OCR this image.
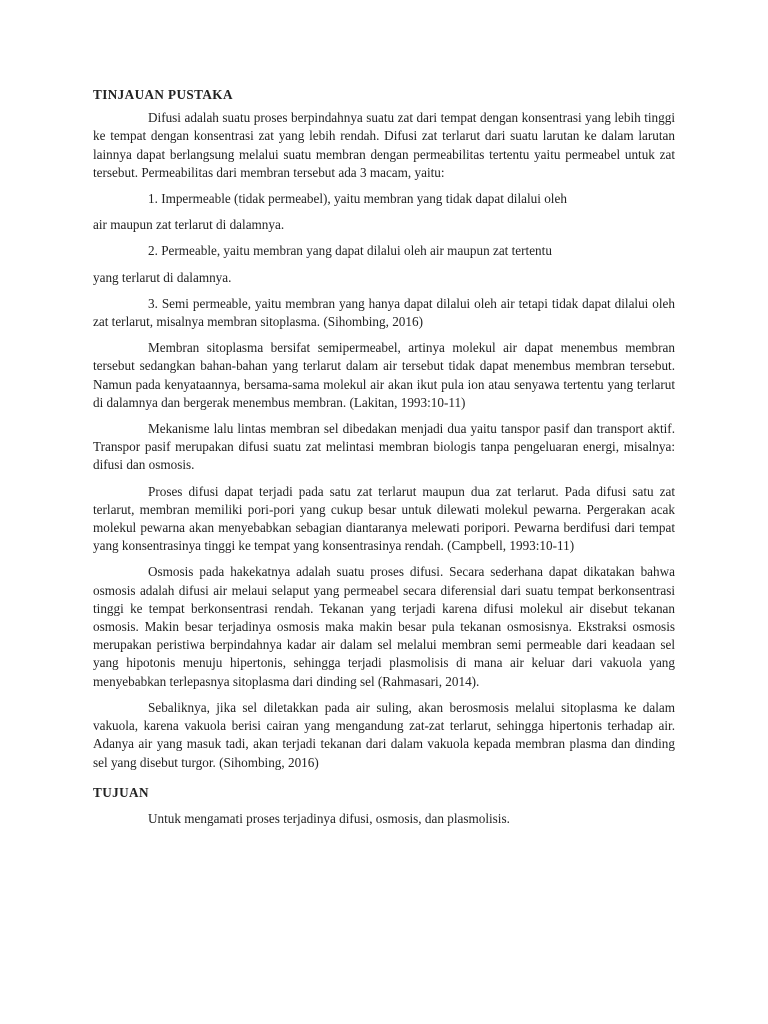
TINJAUAN PUSTAKA

Difusi adalah suatu proses berpindahnya suatu zat dari tempat dengan konsentrasi yang lebih tinggi ke tempat dengan konsentrasi zat yang lebih rendah. Difusi zat terlarut dari suatu larutan ke dalam larutan lainnya dapat berlangsung melalui suatu membran dengan permeabilitas tertentu yaitu permeabel untuk zat tersebut. Permeabilitas dari membran tersebut ada 3 macam, yaitu:

1. Impermeable (tidak permeabel), yaitu membran yang tidak dapat dilalui oleh

air maupun zat terlarut di dalamnya.

2. Permeable, yaitu membran yang dapat dilalui oleh air maupun zat tertentu

yang terlarut di dalamnya.

3. Semi permeable, yaitu membran yang hanya dapat dilalui oleh air tetapi tidak dapat dilalui oleh zat terlarut, misalnya membran sitoplasma. (Sihombing, 2016)

Membran sitoplasma bersifat semipermeabel, artinya molekul air dapat menembus membran tersebut sedangkan bahan-bahan yang terlarut dalam air tersebut tidak dapat menembus membran tersebut. Namun pada kenyataannya, bersama-sama molekul air akan ikut pula ion atau senyawa tertentu yang terlarut di dalamnya dan bergerak menembus membran. (Lakitan, 1993:10-11)

Mekanisme lalu lintas membran sel dibedakan menjadi dua yaitu tanspor pasif dan transport aktif. Transpor pasif merupakan difusi suatu zat melintasi membran biologis tanpa pengeluaran energi, misalnya: difusi dan osmosis.

Proses difusi dapat terjadi pada satu zat terlarut maupun dua zat terlarut. Pada difusi satu zat terlarut, membran memiliki pori-pori yang cukup besar untuk dilewati molekul pewarna. Pergerakan acak molekul pewarna akan menyebabkan sebagian diantaranya melewati poripori. Pewarna berdifusi dari tempat yang konsentrasinya tinggi ke tempat yang konsentrasinya rendah. (Campbell, 1993:10-11)

Osmosis pada hakekatnya adalah suatu proses difusi. Secara sederhana dapat dikatakan bahwa osmosis adalah difusi air melaui selaput yang permeabel secara diferensial dari suatu tempat berkonsentrasi tinggi ke tempat berkonsentrasi rendah. Tekanan yang terjadi karena difusi molekul air disebut tekanan osmosis. Makin besar terjadinya osmosis maka makin besar pula tekanan osmosisnya. Ekstraksi osmosis merupakan peristiwa berpindahnya kadar air dalam sel melalui membran semi permeable dari keadaan sel yang hipotonis menuju hipertonis, sehingga terjadi plasmolisis di mana air keluar dari vakuola yang menyebabkan terlepasnya sitoplasma dari dinding sel (Rahmasari, 2014).

Sebaliknya, jika sel diletakkan pada air suling, akan berosmosis melalui sitoplasma ke dalam vakuola, karena vakuola berisi cairan yang mengandung zat-zat terlarut, sehingga hipertonis terhadap air. Adanya air yang masuk tadi, akan terjadi tekanan dari dalam vakuola kepada membran plasma dan dinding sel yang disebut turgor. (Sihombing, 2016)

TUJUAN

Untuk mengamati proses terjadinya difusi, osmosis, dan plasmolisis.
